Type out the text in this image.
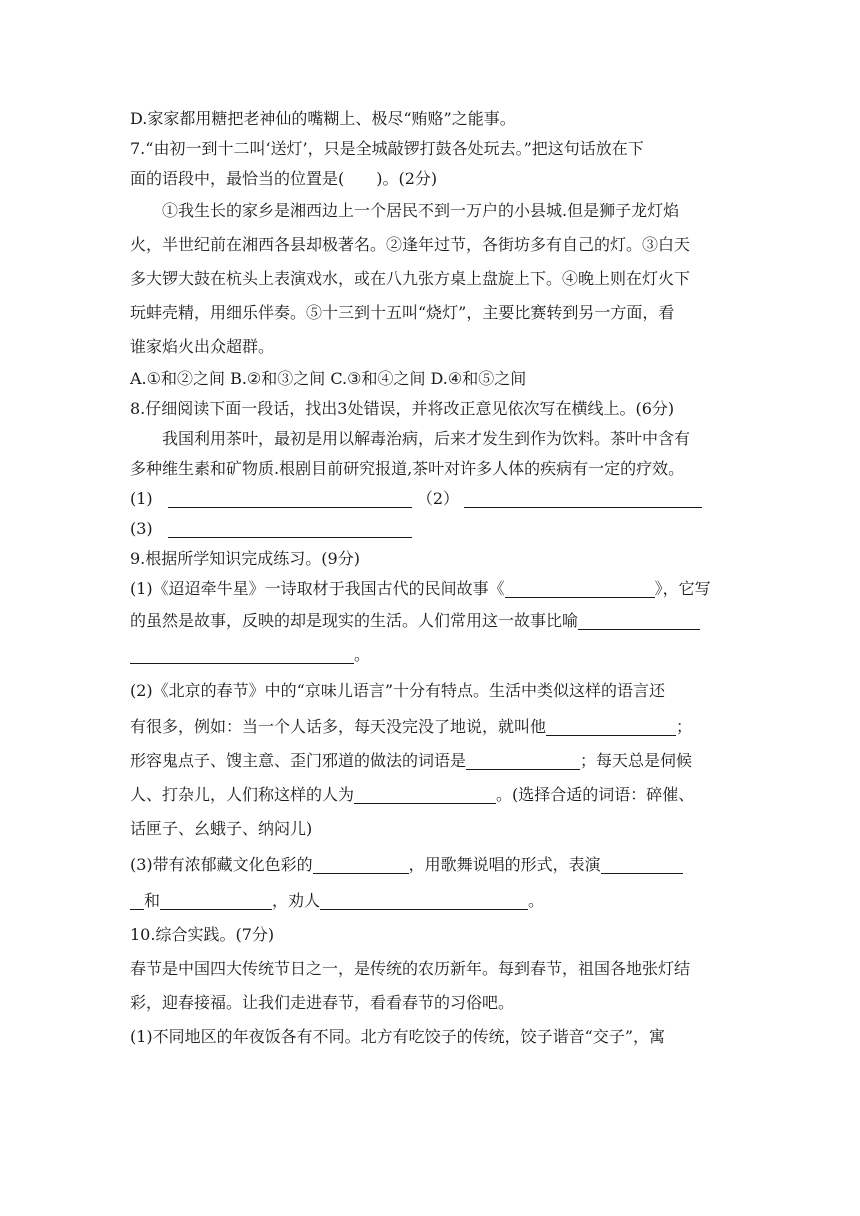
D.家家都用糖把老神仙的嘴糊上、极尽“贿赂”之能事。
7.“由初一到十二叫‘送灯’，只是全城敲锣打鼓各处玩去。”把这句话放在下
面的语段中，最恰当的位置是(　　)。(2分)
①我生长的家乡是湘西边上一个居民不到一万户的小县城.但是狮子龙灯焰
火，半世纪前在湘西各县却极著名。②逢年过节，各街坊多有自己的灯。③白天
多大锣大鼓在杭头上表演戏水，或在八九张方桌上盘旋上下。④晚上则在灯火下
玩蚌壳精，用细乐伴奏。⑤十三到十五叫“烧灯”，主要比赛转到另一方面，看
谁家焰火出众超群。
A.①和②之间 B.②和③之间 C.③和④之间 D.④和⑤之间
8.仔细阅读下面一段话，找出3处错误，并将改正意见依次写在横线上。(6分)
我国利用茶叶，最初是用以解毒治病，后来才发生到作为饮料。茶叶中含有
多种维生素和矿物质.根剧目前研究报道,茶叶对许多人体的疾病有一定的疗效。
(1)	（2）
(3)
9.根据所学知识完成练习。(9分)
(1)《迢迢牵牛星》一诗取材于我国古代的民间故事《	》，它写
的虽然是故事，反映的却是现实的生活。人们常用这一故事比喻
。
(2)《北京的春节》中的“京味儿语言”十分有特点。生活中类似这样的语言还
有很多，例如：当一个人话多，每天没完没了地说，就叫他	；
形容鬼点子、馊主意、歪门邪道的做法的词语是	；每天总是伺候
人、打杂儿，人们称这样的人为	。(选择合适的词语：碎催、
话匣子、幺蛾子、纳闷儿)
(3)带有浓郁藏文化色彩的	，用歌舞说唱的形式，表演
和	，劝人	。
10.综合实践。(7分)
春节是中国四大传统节日之一，是传统的农历新年。每到春节，祖国各地张灯结
彩，迎春接福。让我们走进春节，看看春节的习俗吧。
(1)不同地区的年夜饭各有不同。北方有吃饺子的传统，饺子谐音“交子”，寓
